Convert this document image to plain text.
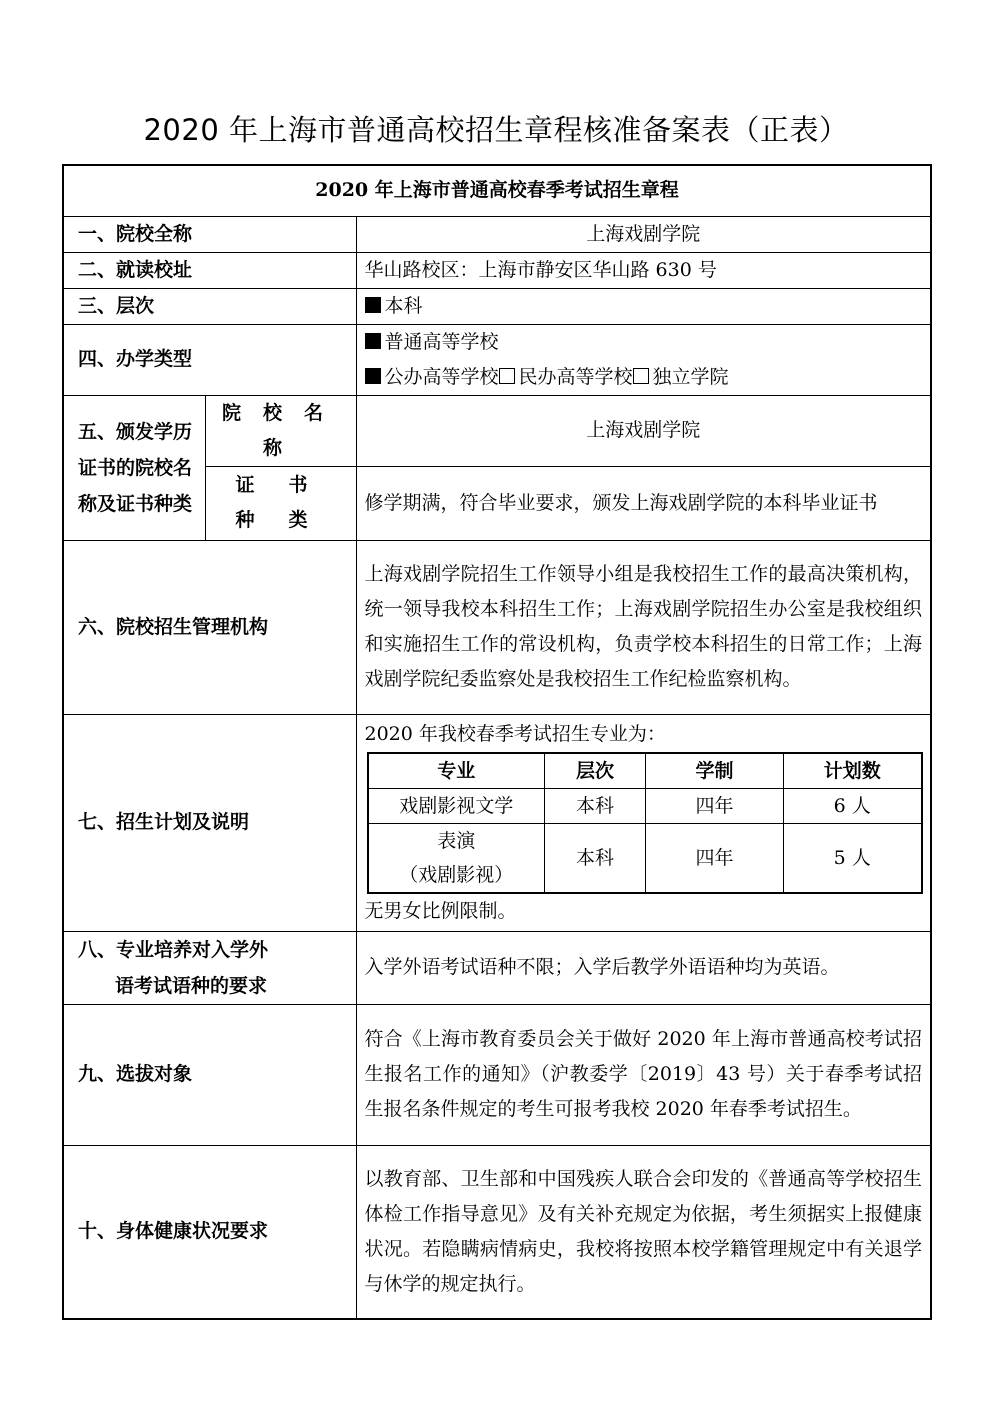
2020 年上海市普通高校招生章程核准备案表（正表）
2020 年上海市普通高校春季考试招生章程
一、院校全称	上海戏剧学院
二、就读校址	华山路校区：上海市静安区华山路 630 号
三、层次	本科
四、办学类型	
普通高等学校
公办高等学校 民办高等学校 独立学院

五、颁发学历
证书的院校名
称及证书种类
	院校名称	上海戏剧学院
证书种类	修学期满，符合毕业要求，颁发上海戏剧学院的本科毕业证书
六、院校招生管理机构	上海戏剧学院招生工作领导小组是我校招生工作的最高决策机构，统一领导我校本科招生工作；上海戏剧学院招生办公室是我校组织和实施招生工作的常设机构，负责学校本科招生的日常工作；上海戏剧学院纪委监察处是我校招生工作纪检监察机构。
七、招生计划及说明	
2020 年我校春季考试招生专业为：
专业	层次	学制	计划数
戏剧影视文学	本科	四年	6 人

表演
（戏剧影视）
	本科	四年	5 人
无男女比例限制。

八、专业培养对入学外
语考试语种的要求
	入学外语考试语种不限；入学后教学外语语种均为英语。
九、选拔对象	符合《上海市教育委员会关于做好 2020 年上海市普通高校考试招生报名工作的通知》（沪教委学〔2019〕43 号）关于春季考试招生报名条件规定的考生可报考我校 2020 年春季考试招生。
十、身体健康状况要求	以教育部、卫生部和中国残疾人联合会印发的《普通高等学校招生体检工作指导意见》及有关补充规定为依据，考生须据实上报健康状况。若隐瞒病情病史，我校将按照本校学籍管理规定中有关退学与休学的规定执行。
